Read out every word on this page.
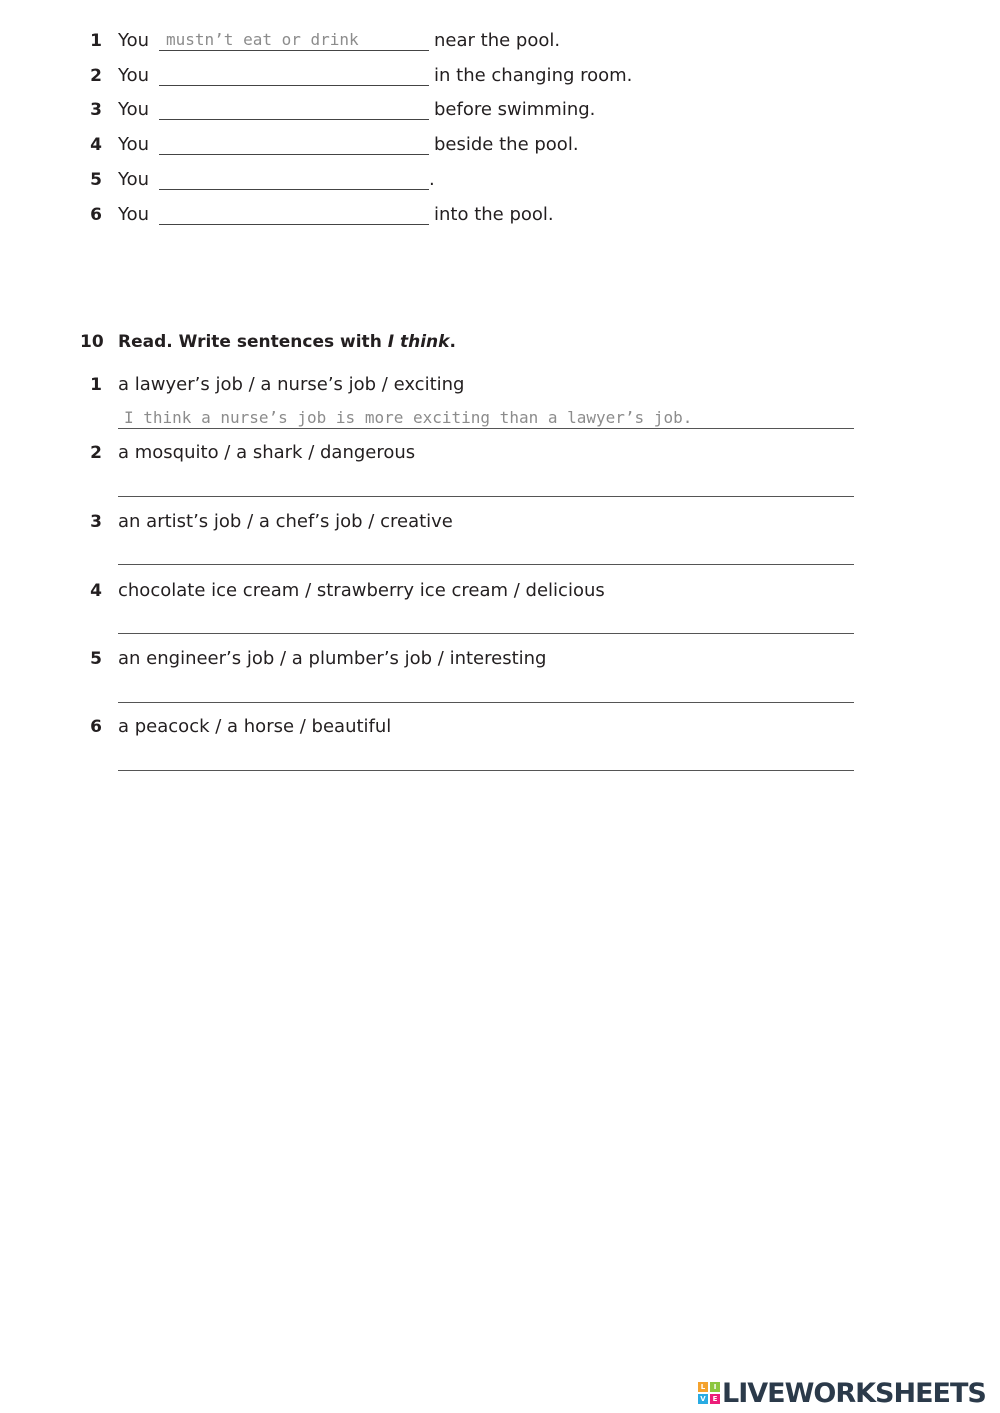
1 You mustn’t eat or drink	near the pool.
2 You	in the changing room.
3 You	before swimming.
4 You	beside the pool.
5 You	.
6 You	into the pool.
10 Read. Write sentences with I think.
1 a lawyer’s job / a nurse’s job / exciting
I think a nurse’s job is more exciting than a lawyer’s job.
2 a mosquito / a shark / dangerous
3 an artist’s job / a chef’s job / creative
4 chocolate ice cream / strawberry ice cream / delicious
5 an engineer’s job / a plumber’s job / interesting
6 a peacock / a horse / beautiful
L	I
V E LIVEWORKSHEETS
